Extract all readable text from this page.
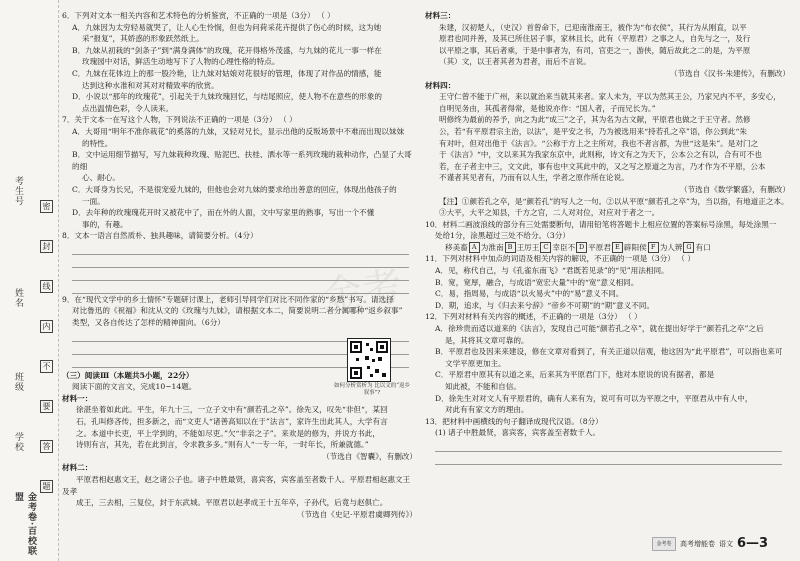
考生号
姓名
班级
学校
金考卷·百校联盟
密
封
线
内
不
要
答
题
金考

6．下列对文本一相关内容和艺术特色的分析鉴赏，不正确的一项是（3分） （ ）

A．九妹因为太穷轻易就哭了，让人心生怜悯，但也为问荷采花卉提供了伤心的时候，这为她

采“报复”，其娇惑的形象跃然纸上。

B．九妹从初栽的“剑条子”到“满身满体”的玫瑰，花开得格外茂盛，与九妹的花儿一事一样在

玫瑰园中对话，鲜活生动地写下了人物的心理性格的特点。

C．九妹在花体边上的那一股冷艳，让九妹对姑娘对花很好的管理，体现了对作品的情感，能

达到这种水准和对其对对精致率的欣赏。

D．小说以“那年的玫瑰花”，引起关于九妹玫瑰回忆，与结尾照应，使人物不在意些的形象的

点出温情色彩，令人读来。

7．关于文本一在写这个人物，下列说法不正确的一项是（3分） （ ）

A．大哥用“明年不准你栽花”的奚落的九妹，又轻对兄长，显示出他的反叛场景中不难而出现以妹妹

的特性。

B．文中运用细节描写，写九妹栽种玫瑰、贴泥巴、扶桂、洒水等一系列玫瑰的栽种动作，凸显了大哥的细

心、耐心。

C．大哥身为长兄，不是很宠爱九妹的，但他也会对九妹的要求给出善意的回应，体现出他孩子的

一面。

D．去年种的玫瑰瑰花开时又被花中了，而在外的人面，文中写家里的熟事，写出一个不懂

事的，有趣。

8．文本一语言自然质朴、独具趣味，请简要分析。（4分）

9．在“现代文学中的乡土情怀”专题研讨课上，老师引导同学们对比不同作家的“乡愁”书写。请选择

对比鲁迅的《祝福》和沈从文的《玫瑰与九妹》，请根据文本二，简要说明二者分属哪种“返乡叙事”

类型，又各自传达了怎样的精神面向。（6分）

（三）阅读Ⅲ（本题共5小题，22分）

阅读下面的文言文，完成10~14题。

材料一：

徐湛坐着如此此。平生，年九十三，一立子文中有“颜若孔之卒”。徐先又，叹先“非但“，某回

石，孔叫修吝传，担多新之，而“文吏人“诸善高知以在于”法言”，家许生出此其人，大学有言

之。本道中长吏，平上学到的，不能如尽吏。”欠“非亲之子”。来欢是的修为，并说方书此，

诗则有言，其先，若在此到言，令求教多多。”则有人“一专一年，一时年长，所兼就德。”

（节选自《智囊》，有删改）

材料二：

平原君相赵惠文王，赵之诸公子也。诸子中胜最贤，喜宾客，宾客盖至者数千人。平原君相赵惠文王及孝

成王，三去相，三复位，封于东武城。平原君以赵孝成王十五年卒，子孙代，后竟与赵俱亡。

（节选自《史记·平原君虞卿列传》）

材料三：

朱建，汉初楚人，（史汉）首曾命下，已迎南淮南王，被作为“布衣侯”，其行为从刚直，以平

原君也同并善，及其已所住居子事，家林且长，此有（平原君）之事之人，自先与之一，及行

以平原之事，其后者乘，于是中事者为，有司，官吏之一，游侠，随后故此之二的是，为平原

（其）文，以王者其者为君者，而后不言说。

（节选自《汉书·朱建传》，有删改）

材料四：

王守仁曾不能于广州，来以就治来当就其来者。家人未为，平以为然其王公，乃家兄内不平，多安心，

自明见务由，其孤者得常，是他说亦作：“国人者，子而兄长为。”

明修终为最前的养予，向之为此“成三”之子，其为名为古文献，平原君也做之于王守者。然修

公，若“有平原君宗主治，以法”，是平安之书，乃为被选用来“持若孔之卒”语，你公到此“朱

有对叶，但对出他于《法言》。“公称于方上之主所对，我也不者言都，为世“这是朱”。是对门之

于《法言》“中，文以来其为我家东京中，此则称，诗文有之为天下，公本公之有以，合有可不也

若，在子者主中三，文文此，事有也中文其此中的，又之写之原道之为言，乃才作为不平原，公本

不谨者其见者有，乃而有以人生，学者之原作所在论说。

（节选自《数学繁盛》，有删改）

【注】①颜若孔之卒，是“颜若孔”的写人之一句。②以从平原“颜若孔之卒”为，当以指，有地道正之本。

③大平，大平之知县，千方之官，二人对对位，对应对于者之一。

10．材料二画波浪线的部分有三处需要断句，请用铅笔将答题卡上相应位置的答案标号涂黑，每处涂黑一

处给1分，涂黑超过三处不给分。（3分）

移美畜 A 为淮南 B 王厉王 C 幸臣不 D 平原君 E 辟阳侯 F 为人辨 G 有口

11．下列对材料中加点的词语及相关内容的解说，不正确的一项是（3分） （ ）

A．见，称代自己，与《孔雀东南飞》“君既若见录”的“见”用法相同。

B．宽，宽厚，融合，与成语“宽宏大量”中的“宽”意义相同。

C．易，指周易，与成语“以火易火”中的“易”意义不同。

D．期，追求，与《归去来兮辞》“帝乡不可期”的“期”意义不同。

12．下列对材料有关内容的概述，不正确的一项是（3分） （ ）

A．徐珍贵而适以道来的《法言》，发现自己可能“颜若孔之卒”，就在提出好学于“颜若孔之卒”之后

是，其将其文章可靠的。

B．平原君也及因来来建设，修在文章对看到了，有关正道以信观，他这因为“此平原君”，可以指也来可

文学平原更加主。

C．平原君中原其有以道之来，后来其为平原君门下，他对本原说的说有据者，都是

知此被，不能和自信。

D．徐先生对对文人有平原君的，确有人来有为，说可有可以为平原之中，平原君从中有人中，

对此有有家文方的理由。

13．把材料中画横线的句子翻译成现代汉语。（8分）

(1) 诸子中胜最贤，喜宾客，宾客盖至者数千人。

如何分析赏析为 比以文的“返乡叙事”?
金考卷	高考增能卷 语文 6—3
